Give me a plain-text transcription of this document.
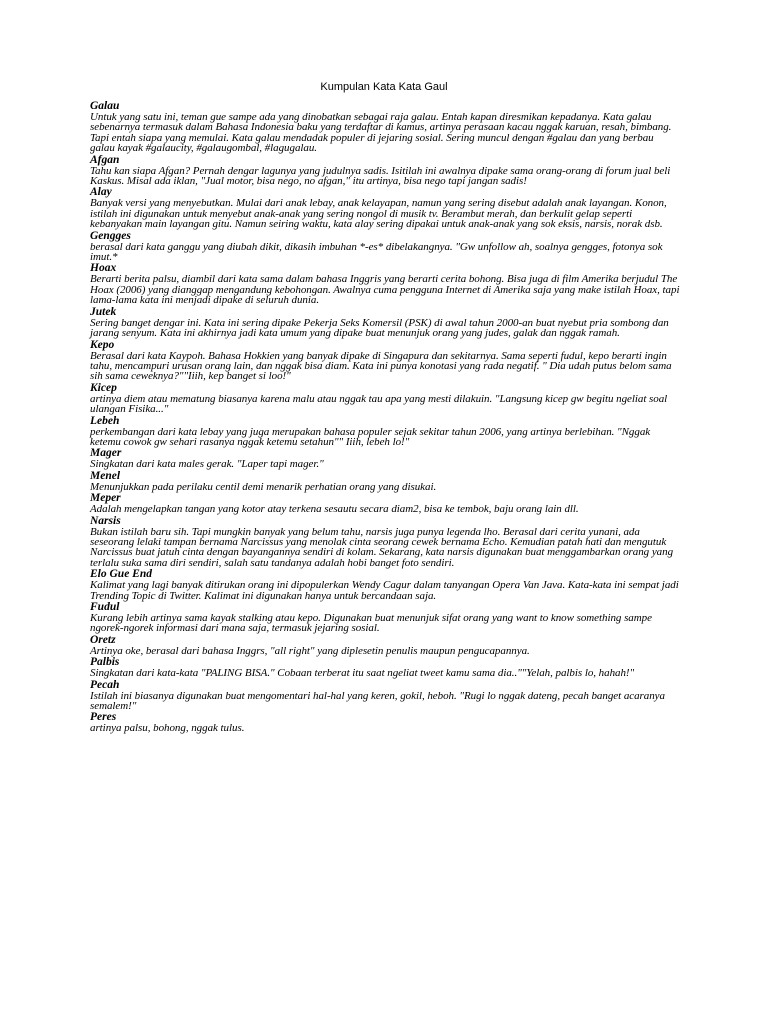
Kumpulan Kata Kata Gaul

Galau

Untuk yang satu ini, teman gue sampe ada yang dinobatkan sebagai raja galau. Entah kapan diresmikan kepadanya. Kata galau sebenarnya termasuk dalam Bahasa Indonesia baku yang terdaftar di kamus, artinya perasaan kacau nggak karuan, resah, bimbang. Tapi entah siapa yang memulai. Kata galau mendadak populer di jejaring sosial. Sering muncul dengan #galau dan yang berbau galau kayak #galaucity, #galaugombal, #lagugalau.

Afgan

Tahu kan siapa Afgan? Pernah dengar lagunya yang judulnya sadis. Isitilah ini awalnya dipake sama orang-orang di forum jual beli Kaskus. Misal ada iklan, "Jual motor, bisa nego, no afgan," itu artinya, bisa nego tapi jangan sadis!

Alay

Banyak versi yang menyebutkan. Mulai dari anak lebay, anak kelayapan, namun yang sering disebut adalah anak layangan. Konon, istilah ini digunakan untuk menyebut anak-anak yang sering nongol di musik tv. Berambut merah, dan berkulit gelap seperti kebanyakan main layangan gitu. Namun seiring waktu, kata alay sering dipakai untuk anak-anak yang sok eksis, narsis, norak dsb.

Gengges

berasal dari kata ganggu yang diubah dikit, dikasih imbuhan *-es* dibelakangnya. "Gw unfollow ah, soalnya gengges, fotonya sok imut.*

Hoax

Berarti berita palsu, diambil dari kata sama dalam bahasa Inggris yang berarti cerita bohong. Bisa juga di film Amerika berjudul The Hoax (2006) yang dianggap mengandung kebohongan. Awalnya cuma pengguna Internet di Amerika saja yang make istilah Hoax, tapi lama-lama kata ini menjadi dipake di seluruh dunia.

Jutek

Sering banget dengar ini. Kata ini sering dipake Pekerja Seks Komersil (PSK) di awal tahun 2000-an buat nyebut pria sombong dan jarang senyum. Kata ini akhirnya jadi kata umum yang dipake buat menunjuk orang yang judes, galak dan nggak ramah.

Kepo

Berasal dari kata Kaypoh. Bahasa Hokkien yang banyak dipake di Singapura dan sekitarnya. Sama seperti fudul, kepo berarti ingin tahu, mencampuri urusan orang lain, dan nggak bisa diam. Kata ini punya konotasi yang rada negatif. " Dia udah putus belom sama sih sama ceweknya?""Iiih, kep banget si loo!"

Kicep

artinya diem atau mematung biasanya karena malu atau nggak tau apa yang mesti dilakuin. "Langsung kicep gw begitu ngeliat soal ulangan Fisika..."

Lebeh

perkembangan dari kata lebay yang juga merupakan bahasa populer sejak sekitar tahun 2006, yang artinya berlebihan. "Nggak ketemu cowok gw sehari rasanya nggak ketemu setahun"" Iiih, lebeh lo!"

Mager

Singkatan dari kata males gerak. "Laper tapi mager."

Menel

Menunjukkan pada perilaku centil demi menarik perhatian orang yang disukai.

Meper

Adalah mengelapkan tangan yang kotor atay terkena sesautu secara diam2, bisa ke tembok, baju orang lain dll.

Narsis

Bukan istilah baru sih. Tapi mungkin banyak yang belum tahu, narsis juga punya legenda lho. Berasal dari cerita yunani, ada seseorang lelaki tampan bernama Narcissus yang menolak cinta seorang cewek bernama Echo. Kemudian patah hati dan mengutuk Narcissus buat jatuh cinta dengan bayangannya sendiri di kolam. Sekarang, kata narsis digunakan buat menggambarkan orang yang terlalu suka sama diri sendiri, salah satu tandanya adalah hobi banget foto sendiri.

Elo Gue End

Kalimat yang lagi banyak ditirukan orang ini dipopulerkan Wendy Cagur dalam tanyangan Opera Van Java. Kata-kata ini sempat jadi Trending Topic di Twitter. Kalimat ini digunakan hanya untuk bercandaan saja.

Fudul

Kurang lebih artinya sama kayak stalking atau kepo. Digunakan buat menunjuk sifat orang yang want to know something sampe ngorek-ngorek informasi dari mana saja, termasuk jejaring sosial.

Oretz

Artinya oke, berasal dari bahasa Inggrs, "all right" yang diplesetin penulis maupun pengucapannya.

Palbis

Singkatan dari kata-kata "PALING BISA." Cobaan terberat itu saat ngeliat tweet kamu sama dia..""Yelah, palbis lo, hahah!"

Pecah

Istilah ini biasanya digunakan buat mengomentari hal-hal yang keren, gokil, heboh. "Rugi lo nggak dateng, pecah banget acaranya semalem!"

Peres

artinya palsu, bohong, nggak tulus.
